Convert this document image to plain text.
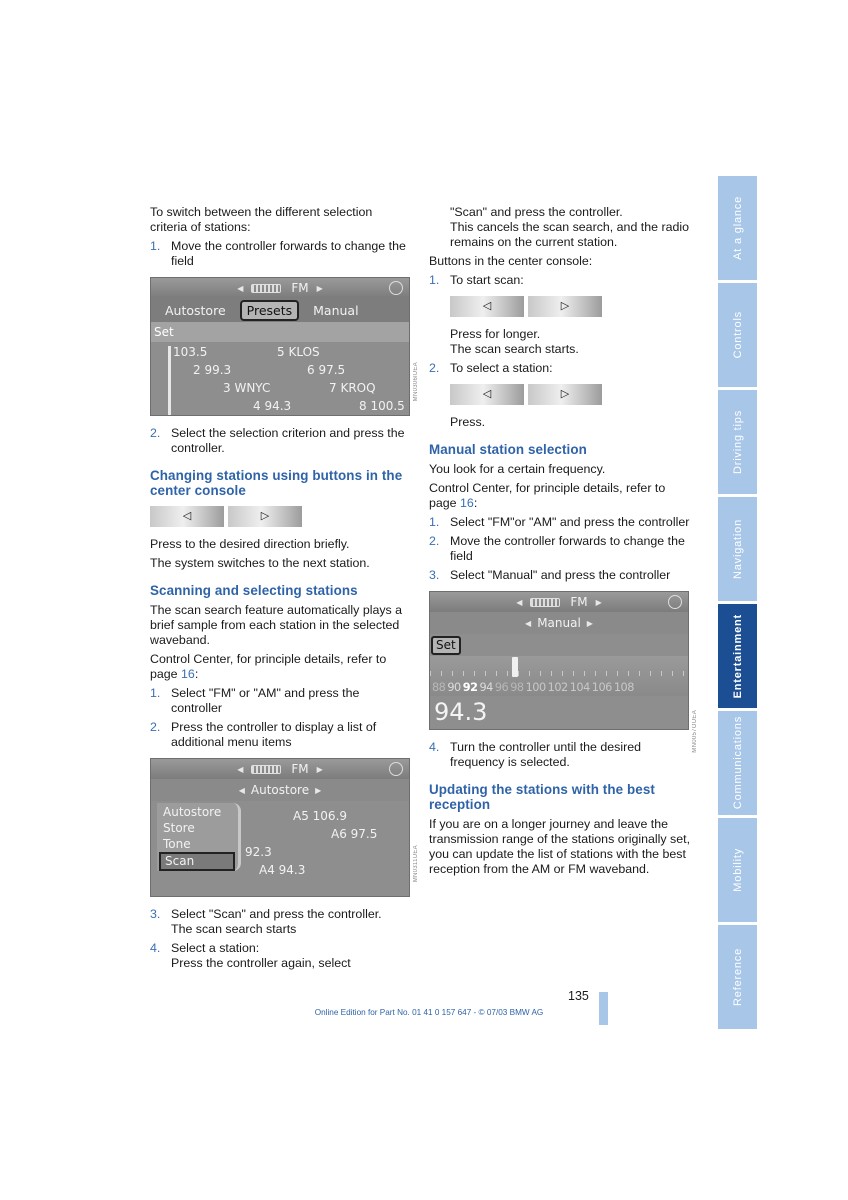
To switch between the different selection criteria of stations:

1. Move the controller forwards to change the field
◀	FM ▶
Autostore	Presets	Manual
Set
103.5	5 KLOS
2 99.3	6 97.5
3 WNYC	7 KROQ
4 94.3	8 100.5
2. Select the selection criterion and press the controller.
Changing stations using buttons in the center console
◁	▷

Press to the desired direction briefly.

The system switches to the next station.

Scanning and selecting stations

The scan search feature automatically plays a brief sample from each station in the selected waveband.

Control Center, for principle details, refer to page 16:

1. Select "FM" or "AM" and press the controller
2. Press the controller to display a list of additional menu items
◀	FM ▶
◀ Autostore ▶
A5 106.9
A6 97.5
92.3
A4 94.3
Autostore
Store
Tone
Scan
3. Select "Scan" and press the controller.
The scan search starts
4. Select a station:
Press the controller again, select
MN0306lUEA
MN0311UEA

"Scan" and press the controller.
This cancels the scan search, and the radio remains on the current station.

Buttons in the center console:

1. To start scan:
◁	▷

Press for longer.
The scan search starts.

2. To select a station:
◁	▷

Press.

Manual station selection

You look for a certain frequency.

Control Center, for principle details, refer to page 16:

1. Select "FM"or "AM" and press the controller
2. Move the controller forwards to change the field
3. Select "Manual" and press the controller
◀	FM ▶
◀ Manual ▶
Set
88 90 92 94 96 98 100 102 104 106 108
94.3
4. Turn the controller until the desired frequency is selected.
Updating the stations with the best reception

If you are on a longer journey and leave the transmission range of the stations originally set, you can update the list of stations with the best reception from the AM or FM waveband.

MN0057OUEA
At a glance
Controls
Driving tips
Navigation
Entertainment
Communications
Mobility
Reference
135
Online Edition for Part No. 01 41 0 157 647 - © 07/03 BMW AG
